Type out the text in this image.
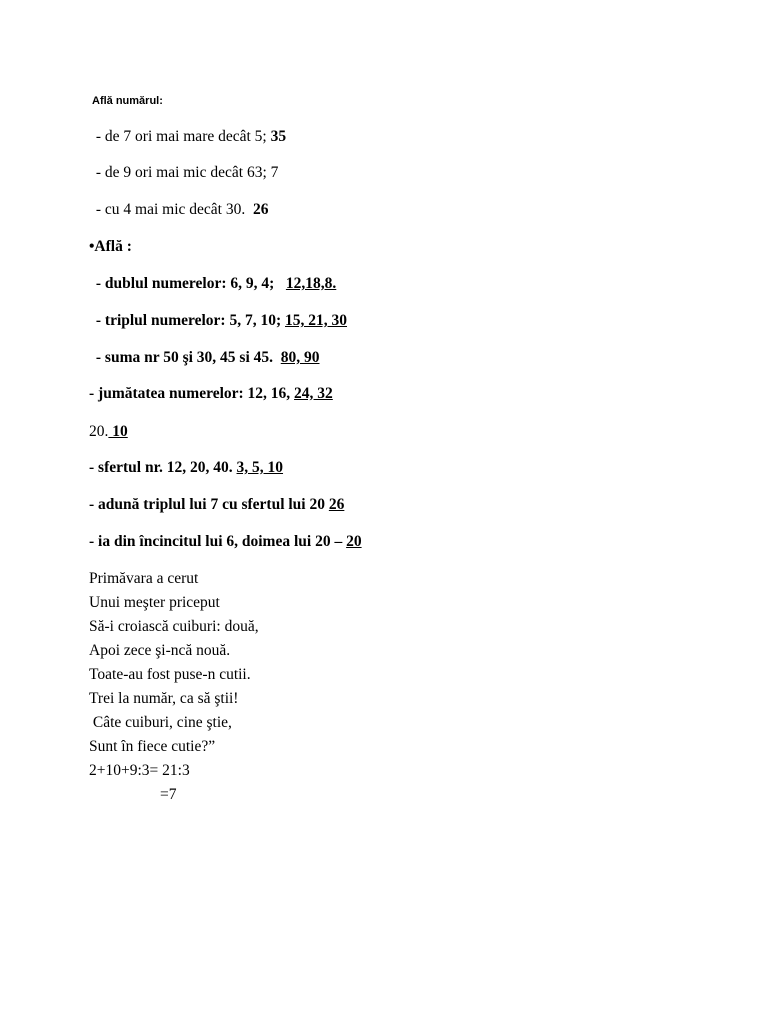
Află numărul:
- de 7 ori mai mare decât 5; 35
- de 9 ori mai mic decât 63; 7
- cu 4 mai mic decât 30.  26
•Află :
- dublul numerelor: 6, 9, 4;   12,18,8.
- triplul numerelor: 5, 7, 10; 15, 21, 30
- suma nr 50 şi 30, 45 si 45.  80, 90
- jumătatea numerelor: 12, 16, 24, 32
20. 10
- sfertul nr. 12, 20, 40. 3, 5, 10
- adună triplul lui 7 cu sfertul lui 20 26
- ia din încincitul lui 6, doimea lui 20 – 20
Primăvara a cerut
Unui meşter priceput
Să-i croiască cuiburi: două,
Apoi zece şi-ncă nouă.
Toate-au fost puse-n cutii.
Trei la număr, ca să ştii!
Câte cuiburi, cine ştie,
Sunt în fiece cutie?”
2+10+9:3= 21:3
=7
